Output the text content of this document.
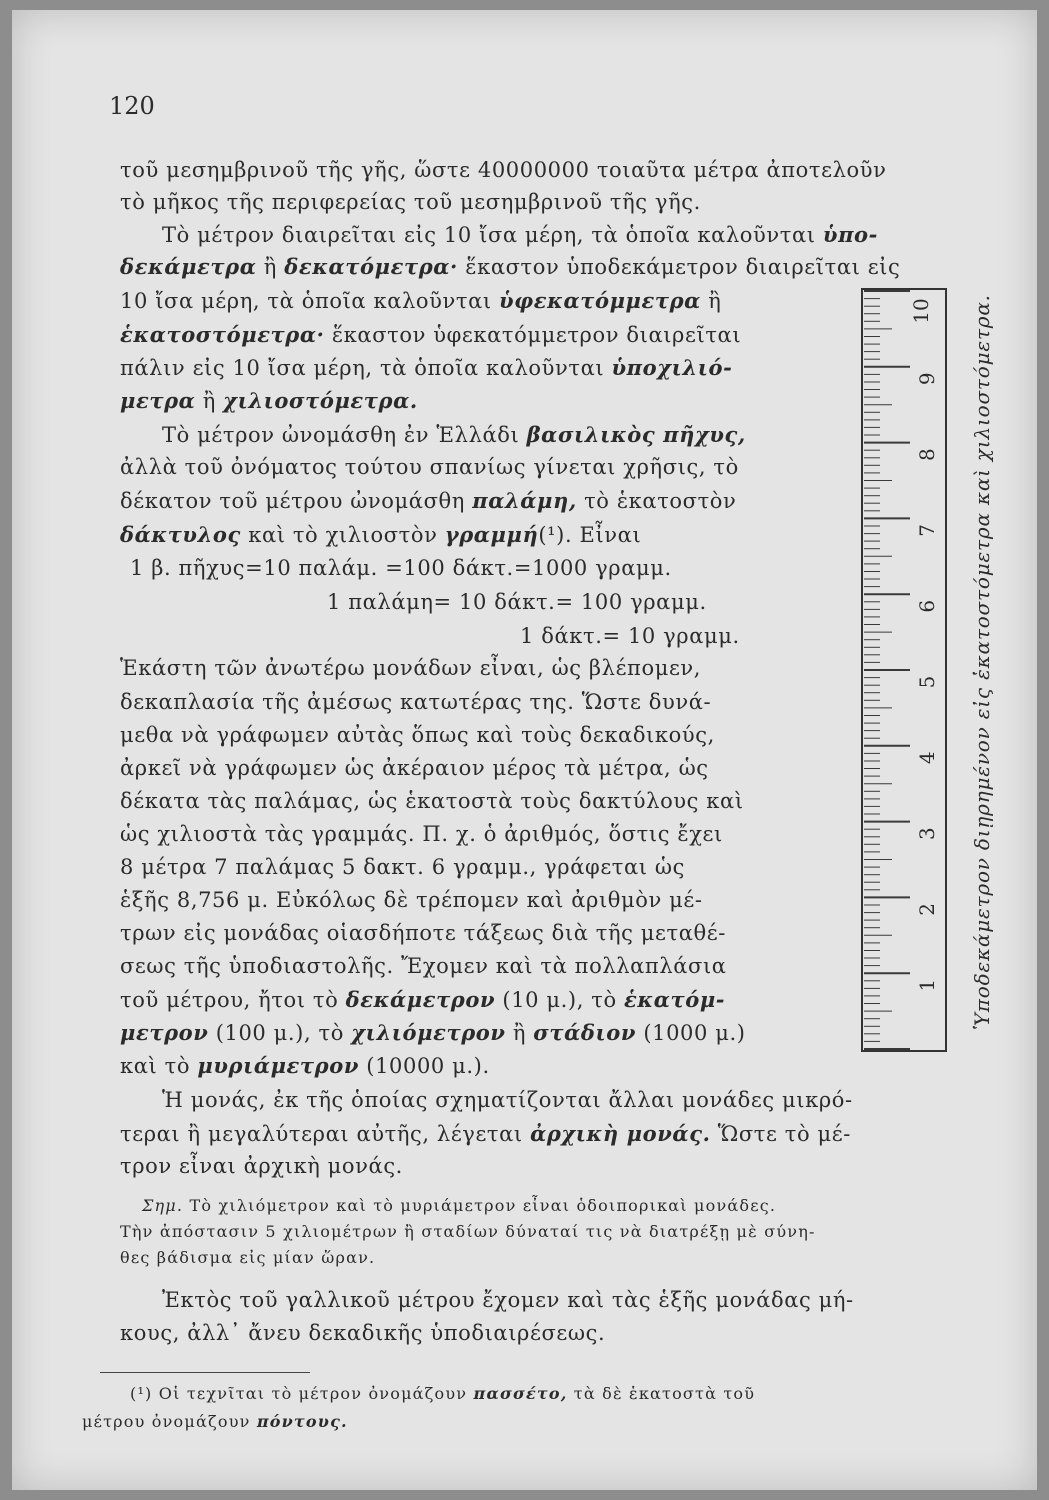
120
τοῦ μεσημβρινοῦ τῆς γῆς, ὥστε 40000000 τοιαῦτα μέτρα ἀποτελοῦν
τὸ μῆκος τῆς περιφερείας τοῦ μεσημβρινοῦ τῆς γῆς.
Τὸ μέτρον διαιρεῖται εἰς 10 ἴσα μέρη, τὰ ὁποῖα καλοῦνται ὑπο-
δεκάμετρα ἢ δεκατόμετρα· ἕκαστον ὑποδεκάμετρον διαιρεῖται εἰς
10 ἴσα μέρη, τὰ ὁποῖα καλοῦνται ὑφεκατόμμετρα ἢ
ἑκατοστόμετρα· ἕκαστον ὑφεκατόμμετρον διαιρεῖται
πάλιν εἰς 10 ἴσα μέρη, τὰ ὁποῖα καλοῦνται ὑποχιλιό-
μετρα ἢ χιλιοστόμετρα.
Τὸ μέτρον ὠνομάσθη ἐν Ἑλλάδι βασιλικὸς πῆχυς,
ἀλλὰ τοῦ ὀνόματος τούτου σπανίως γίνεται χρῆσις, τὸ
δέκατον τοῦ μέτρου ὠνομάσθη παλάμη, τὸ ἑκατοστὸν
δάκτυλος καὶ τὸ χιλιοστὸν γραμμή(¹). Εἶναι
1 β. πῆχυς=10 παλάμ. =100 δάκτ.=1000 γραμμ.
1 παλάμη= 10 δάκτ.= 100 γραμμ.
1 δάκτ.= 10 γραμμ.
Ἑκάστη τῶν ἀνωτέρω μονάδων εἶναι, ὡς βλέπομεν,
δεκαπλασία τῆς ἀμέσως κατωτέρας της. Ὥστε δυνά-
μεθα νὰ γράφωμεν αὐτὰς ὅπως καὶ τοὺς δεκαδικούς,
ἀρκεῖ νὰ γράφωμεν ὡς ἀκέραιον μέρος τὰ μέτρα, ὡς
δέκατα τὰς παλάμας, ὡς ἑκατοστὰ τοὺς δακτύλους καὶ
ὡς χιλιοστὰ τὰς γραμμάς. Π. χ. ὁ ἀριθμός, ὅστις ἔχει
8 μέτρα 7 παλάμας 5 δακτ. 6 γραμμ., γράφεται ὡς
ἑξῆς 8,756 μ. Εὐκόλως δὲ τρέπομεν καὶ ἀριθμὸν μέ-
τρων εἰς μονάδας οἱασδήποτε τάξεως διὰ τῆς μεταθέ-
σεως τῆς ὑποδιαστολῆς. Ἔχομεν καὶ τὰ πολλαπλάσια
τοῦ μέτρου, ἤτοι τὸ δεκάμετρον (10 μ.), τὸ ἑκατόμ-
μετρον (100 μ.), τὸ χιλιόμετρον ἢ στάδιον (1000 μ.)
καὶ τὸ μυριάμετρον (10000 μ.).
Ἡ μονάς, ἐκ τῆς ὁποίας σχηματίζονται ἄλλαι μονάδες μικρό-
τεραι ἢ μεγαλύτεραι αὐτῆς, λέγεται ἀρχικὴ μονάς. Ὥστε τὸ μέ-
τρον εἶναι ἀρχικὴ μονάς.
Σημ. Τὸ χιλιόμετρον καὶ τὸ μυριάμετρον εἶναι ὁδοιπορικαὶ μονάδες.
Τὴν ἀπόστασιν 5 χιλιομέτρων ἢ σταδίων δύναταί τις νὰ διατρέξῃ μὲ σύνη-
θες βάδισμα εἰς μίαν ὥραν.
Ἐκτὸς τοῦ γαλλικοῦ μέτρου ἔχομεν καὶ τὰς ἑξῆς μονάδας μή-
κους, ἀλλ᾽ ἄνευ δεκαδικῆς ὑποδιαιρέσεως.
(¹) Οἱ τεχνῖται τὸ μέτρον ὀνομάζουν πασσέτο, τὰ δὲ ἑκατοστὰ τοῦ
μέτρου ὀνομάζουν πόντους.
1
2
3
4
5
6
7
8
9
10 Ὑποδεκάμετρον διῃρημένον εἰς ἑκατοστόμετρα καὶ χιλιοστόμετρα.
